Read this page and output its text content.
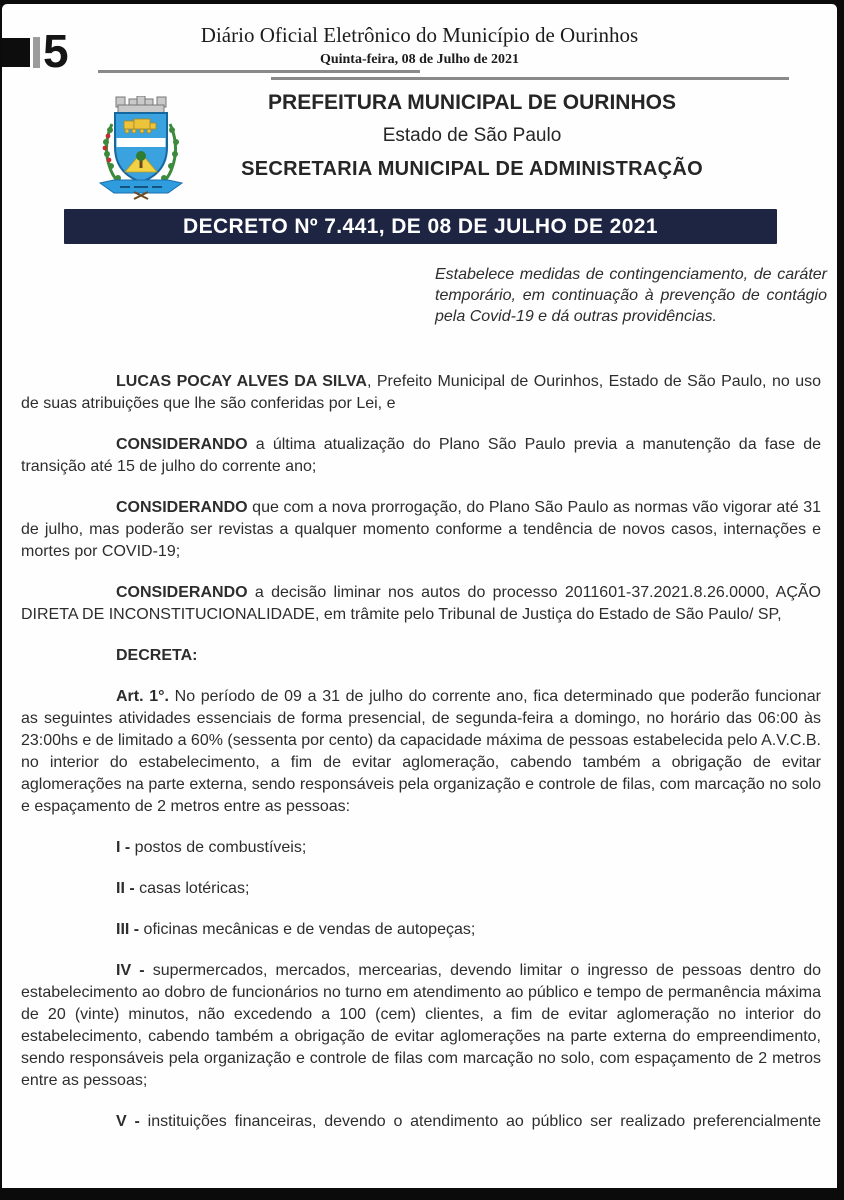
Diário Oficial Eletrônico do Município de Ourinhos
Quinta-feira, 08 de Julho de 2021
5
PREFEITURA MUNICIPAL DE OURINHOS
Estado de São Paulo
SECRETARIA MUNICIPAL DE ADMINISTRAÇÃO
DECRETO Nº 7.441, DE 08 DE JULHO DE 2021

Estabelece medidas de contingenciamento, de caráter temporário, em continuação à prevenção de contágio pela Covid-19 e dá outras providências.

LUCAS POCAY ALVES DA SILVA, Prefeito Municipal de Ourinhos, Estado de São Paulo, no uso de suas atribuições que lhe são conferidas por Lei, e

CONSIDERANDO a última atualização do Plano São Paulo previa a manutenção da fase de transição até 15 de julho do corrente ano;

CONSIDERANDO que com a nova prorrogação, do Plano São Paulo as normas vão vigorar até 31 de julho, mas poderão ser revistas a qualquer momento conforme a tendência de novos casos, internações e mortes por COVID-19;

CONSIDERANDO a decisão liminar nos autos do processo 2011601-37.2021.8.26.0000, AÇÃO DIRETA DE INCONSTITUCIONALIDADE, em trâmite pelo Tribunal de Justiça do Estado de São Paulo/ SP,

DECRETA:

Art. 1°. No período de 09 a 31 de julho do corrente ano, fica determinado que poderão funcionar as seguintes atividades essenciais de forma presencial, de segunda-feira a domingo, no horário das 06:00 às 23:00hs e de limitado a 60% (sessenta por cento) da capacidade máxima de pessoas estabelecida pelo A.V.C.B. no interior do estabelecimento, a fim de evitar aglomeração, cabendo também a obrigação de evitar aglomerações na parte externa, sendo responsáveis pela organização e controle de filas, com marcação no solo e espaçamento de 2 metros entre as pessoas:

I - postos de combustíveis;

II - casas lotéricas;

III - oficinas mecânicas e de vendas de autopeças;

IV - supermercados, mercados, mercearias, devendo limitar o ingresso de pessoas dentro do estabelecimento ao dobro de funcionários no turno em atendimento ao público e tempo de permanência máxima de 20 (vinte) minutos, não excedendo a 100 (cem) clientes, a fim de evitar aglomeração no interior do estabelecimento, cabendo também a obrigação de evitar aglomerações na parte externa do empreendimento, sendo responsáveis pela organização e controle de filas com marcação no solo, com espaçamento de 2 metros entre as pessoas;

V - instituições financeiras, devendo o atendimento ao público ser realizado preferencialmente
